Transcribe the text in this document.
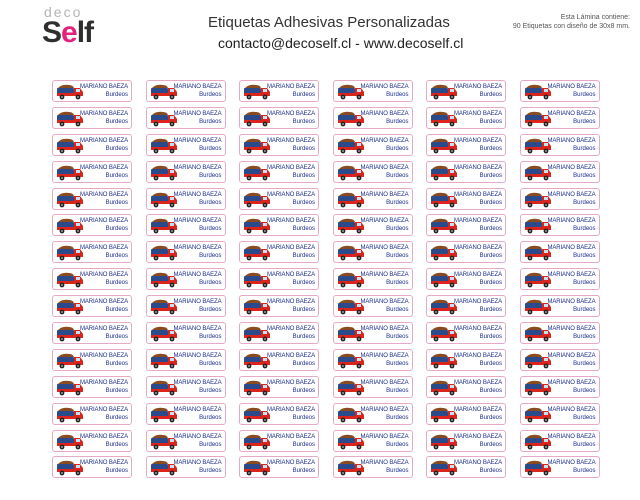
deco
Self	Etiquetas Adhesivas Personalizadas
contacto@decoself.cl - www.decoself.cl
Esta Lámina contiene:
90 Etiquetas con diseño de 30x8 mm.
MARIANO BAEZA
Burdeos
MARIANO BAEZA
Burdeos
MARIANO BAEZA
Burdeos
MARIANO BAEZA
Burdeos
MARIANO BAEZA
Burdeos
MARIANO BAEZA
Burdeos
MARIANO BAEZA
Burdeos
MARIANO BAEZA
Burdeos
MARIANO BAEZA
Burdeos
MARIANO BAEZA
Burdeos
MARIANO BAEZA
Burdeos
MARIANO BAEZA
Burdeos
MARIANO BAEZA
Burdeos
MARIANO BAEZA
Burdeos
MARIANO BAEZA
Burdeos
MARIANO BAEZA
Burdeos
MARIANO BAEZA
Burdeos
MARIANO BAEZA
Burdeos
MARIANO BAEZA
Burdeos
MARIANO BAEZA
Burdeos
MARIANO BAEZA
Burdeos
MARIANO BAEZA
Burdeos
MARIANO BAEZA
Burdeos
MARIANO BAEZA
Burdeos
MARIANO BAEZA
Burdeos
MARIANO BAEZA
Burdeos
MARIANO BAEZA
Burdeos
MARIANO BAEZA
Burdeos
MARIANO BAEZA
Burdeos
MARIANO BAEZA
Burdeos
MARIANO BAEZA
Burdeos
MARIANO BAEZA
Burdeos
MARIANO BAEZA
Burdeos
MARIANO BAEZA
Burdeos
MARIANO BAEZA
Burdeos
MARIANO BAEZA
Burdeos
MARIANO BAEZA
Burdeos
MARIANO BAEZA
Burdeos
MARIANO BAEZA
Burdeos
MARIANO BAEZA
Burdeos
MARIANO BAEZA
Burdeos
MARIANO BAEZA
Burdeos
MARIANO BAEZA
Burdeos
MARIANO BAEZA
Burdeos
MARIANO BAEZA
Burdeos
MARIANO BAEZA
Burdeos
MARIANO BAEZA
Burdeos
MARIANO BAEZA
Burdeos
MARIANO BAEZA
Burdeos
MARIANO BAEZA
Burdeos
MARIANO BAEZA
Burdeos
MARIANO BAEZA
Burdeos
MARIANO BAEZA
Burdeos
MARIANO BAEZA
Burdeos
MARIANO BAEZA
Burdeos
MARIANO BAEZA
Burdeos
MARIANO BAEZA
Burdeos
MARIANO BAEZA
Burdeos
MARIANO BAEZA
Burdeos
MARIANO BAEZA
Burdeos
MARIANO BAEZA
Burdeos
MARIANO BAEZA
Burdeos
MARIANO BAEZA
Burdeos
MARIANO BAEZA
Burdeos
MARIANO BAEZA
Burdeos
MARIANO BAEZA
Burdeos
MARIANO BAEZA
Burdeos
MARIANO BAEZA
Burdeos
MARIANO BAEZA
Burdeos
MARIANO BAEZA
Burdeos
MARIANO BAEZA
Burdeos
MARIANO BAEZA
Burdeos
MARIANO BAEZA
Burdeos
MARIANO BAEZA
Burdeos
MARIANO BAEZA
Burdeos
MARIANO BAEZA
Burdeos
MARIANO BAEZA
Burdeos
MARIANO BAEZA
Burdeos
MARIANO BAEZA
Burdeos
MARIANO BAEZA
Burdeos
MARIANO BAEZA
Burdeos
MARIANO BAEZA
Burdeos
MARIANO BAEZA
Burdeos
MARIANO BAEZA
Burdeos
MARIANO BAEZA
Burdeos
MARIANO BAEZA
Burdeos
MARIANO BAEZA
Burdeos
MARIANO BAEZA
Burdeos
MARIANO BAEZA
Burdeos
MARIANO BAEZA
Burdeos
